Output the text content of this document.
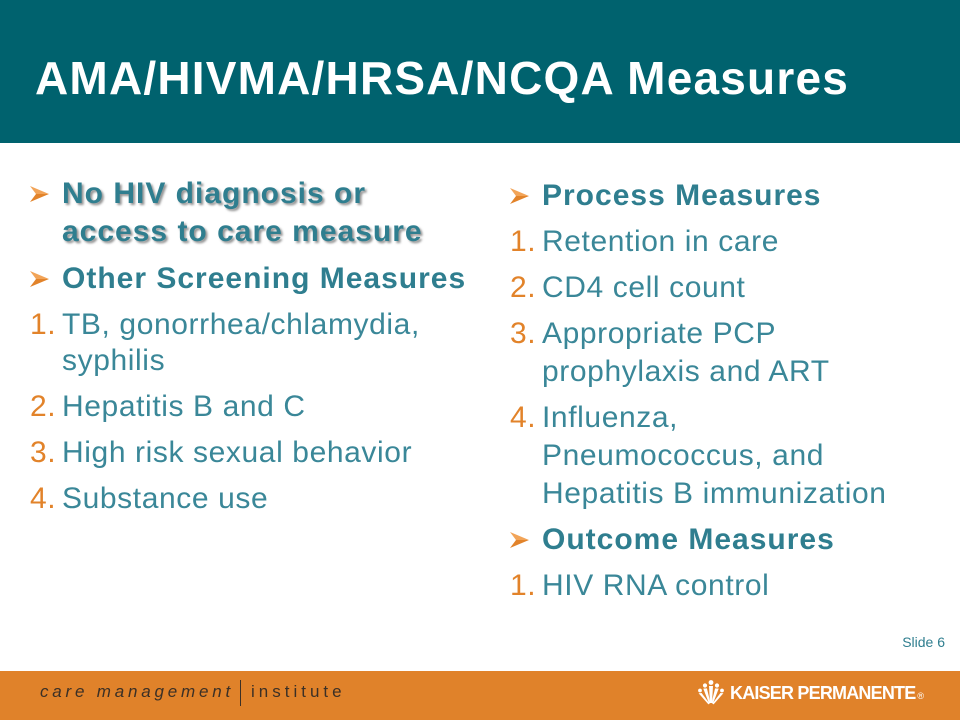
AMA/HIVMA/HRSA/NCQA Measures
No HIV diagnosis or access to care measure
Other Screening Measures
1. TB, gonorrhea/chlamydia, syphilis
2. Hepatitis B and C
3. High risk sexual behavior
4. Substance use
Process Measures
1. Retention in care
2. CD4 cell count
3. Appropriate PCP prophylaxis and ART
4. Influenza, Pneumococcus, and Hepatitis B immunization
Outcome Measures
1. HIV RNA control
Slide 6
care management institute	KAISER PERMANENTE ®
